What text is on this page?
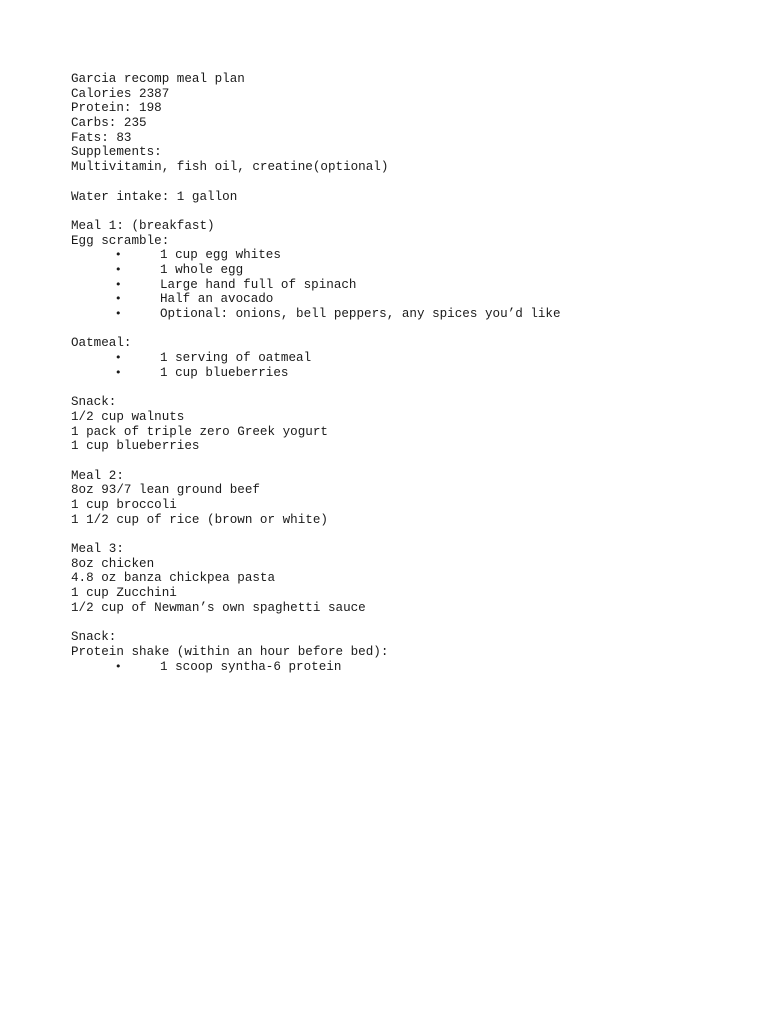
Garcia recomp meal plan
Calories 2387
Protein: 198
Carbs: 235
Fats: 83
Supplements:
Multivitamin, fish oil, creatine(optional)
Water intake: 1 gallon
Meal 1: (breakfast)
Egg scramble:
•	1 cup egg whites
•	1 whole egg
•	Large hand full of spinach
•	Half an avocado
•	Optional: onions, bell peppers, any spices you’d like
Oatmeal:
•	1 serving of oatmeal
•	1 cup blueberries
Snack:
1/2 cup walnuts
1 pack of triple zero Greek yogurt
1 cup blueberries
Meal 2:
8oz 93/7 lean ground beef
1 cup broccoli
1 1/2 cup of rice (brown or white)
Meal 3:
8oz chicken
4.8 oz banza chickpea pasta
1 cup Zucchini
1/2 cup of Newman’s own spaghetti sauce
Snack:
Protein shake (within an hour before bed):
•	1 scoop syntha-6 protein
